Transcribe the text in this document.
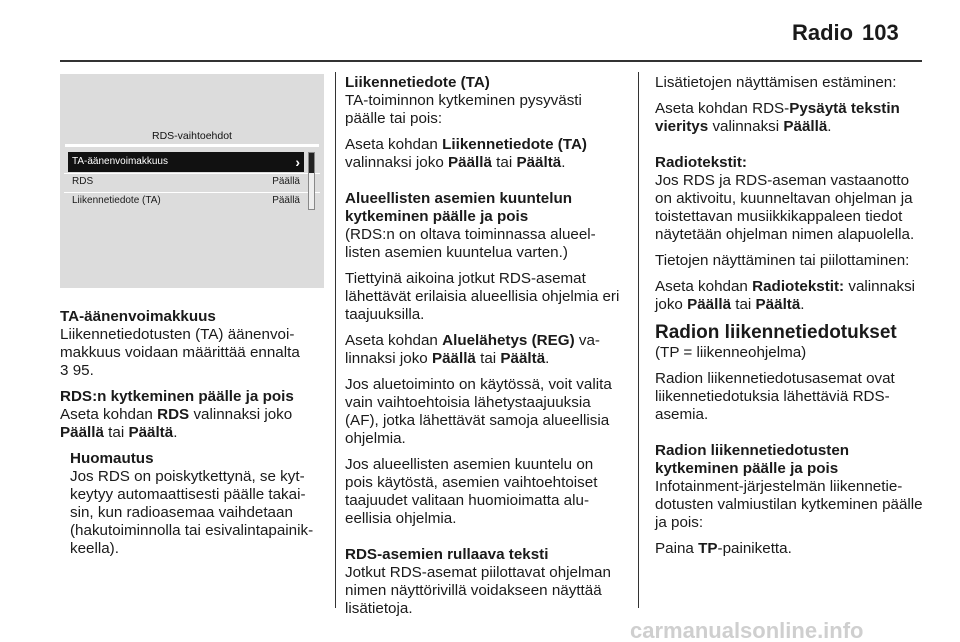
Radio 103
RDS-vaihtoehdot
TA-äänenvoimakkuus	›
RDS	Päällä
Liikennetiedote (TA)	Päällä
TA-äänenvoimakkuus

Liikennetiedotusten (TA) äänenvoimakkuus voidaan määrittää ennalta
3 95.

RDS:n kytkeminen päälle ja pois

Aseta kohdan RDS valinnaksi joko
Päällä tai Päältä.

Huomautus

Jos RDS on poiskytkettynä, se kytkeytyy automaattisesti päälle takaisin, kun radioasemaa vaihdetaan (hakutoiminnolla tai esivalintapainikkeella).

Liikennetiedote (TA)

TA-toiminnon kytkeminen pysyvästi päälle tai pois:

Aseta kohdan Liikennetiedote (TA) valinnaksi joko Päällä tai Päältä.

Alueellisten asemien kuuntelun kytkeminen päälle ja pois

(RDS:n on oltava toiminnassa alueellisten asemien kuuntelua varten.)

Tiettyinä aikoina jotkut RDS-asemat lähettävät erilaisia alueellisia ohjelmia eri taajuuksilla.

Aseta kohdan Aluelähetys (REG) valinnaksi joko Päällä tai Päältä.

Jos aluetoiminto on käytössä, voit valita vain vaihtoehtoisia lähetystaajuuksia (AF), jotka lähettävät samoja alueellisia ohjelmia.

Jos alueellisten asemien kuuntelu on pois käytöstä, asemien vaihtoehtoiset taajuudet valitaan huomioimatta alueellisia ohjelmia.

RDS-asemien rullaava teksti

Jotkut RDS-asemat piilottavat ohjelman nimen näyttörivillä voidakseen näyttää lisätietoja.

Lisätietojen näyttämisen estäminen:

Aseta kohdan RDS-Pysäytä tekstin vieritys valinnaksi Päällä.

Radiotekstit:

Jos RDS ja RDS-aseman vastaanotto on aktivoitu, kuunneltavan ohjelman ja toistettavan musiikkikappaleen tiedot näytetään ohjelman nimen alapuolella.

Tietojen näyttäminen tai piilottaminen:

Aseta kohdan Radiotekstit: valinnaksi joko Päällä tai Päältä.

Radion liikennetiedotukset

(TP = liikenneohjelma)

Radion liikennetiedotusasemat ovat liikennetiedotuksia lähettäviä RDS-asemia.

Radion liikennetiedotusten kytkeminen päälle ja pois

Infotainment-järjestelmän liikennetiedotusten valmiustilan kytkeminen päälle ja pois:

Paina TP-painiketta.

carmanualsonline.info
